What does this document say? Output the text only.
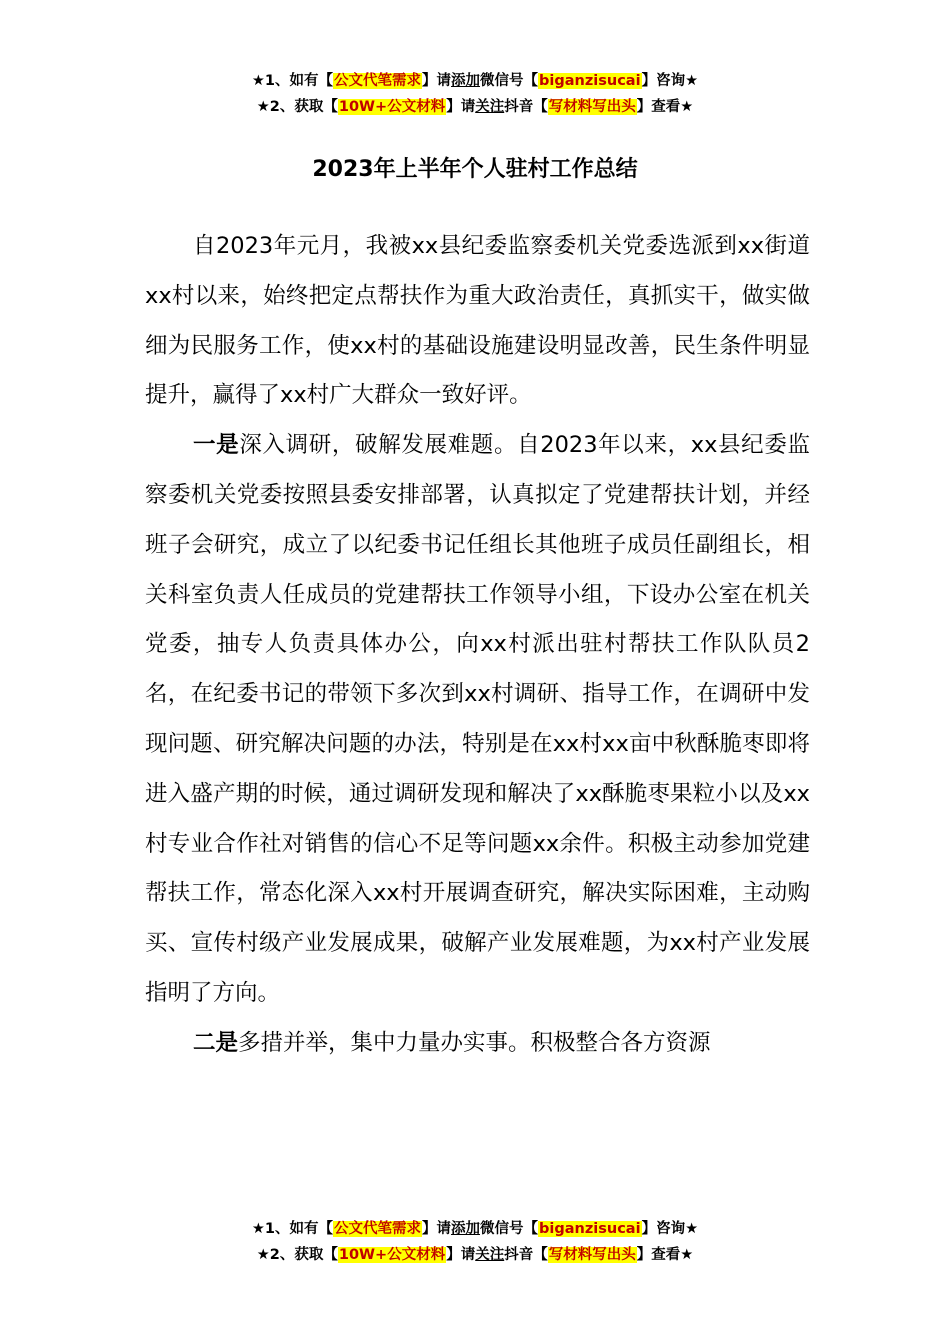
★1、如有【公文代笔需求】请添加微信号【biganzisucai】咨询★
★2、获取【10W+公文材料】请关注抖音【写材料写出头】查看★
2023年上半年个人驻村工作总结

自2023年元月，我被xx县纪委监察委机关党委选派到xx街道xx村以来，始终把定点帮扶作为重大政治责任，真抓实干，做实做细为民服务工作，使xx村的基础设施建设明显改善，民生条件明显提升，赢得了xx村广大群众一致好评。

一是深入调研，破解发展难题。自2023年以来，xx县纪委监察委机关党委按照县委安排部署，认真拟定了党建帮扶计划，并经班子会研究，成立了以纪委书记任组长其他班子成员任副组长，相关科室负责人任成员的党建帮扶工作领导小组，下设办公室在机关党委，抽专人负责具体办公，向xx村派出驻村帮扶工作队队员2名，在纪委书记的带领下多次到xx村调研、指导工作，在调研中发现问题、研究解决问题的办法，特别是在xx村xx亩中秋酥脆枣即将进入盛产期的时候，通过调研发现和解决了xx酥脆枣果粒小以及xx村专业合作社对销售的信心不足等问题xx余件。积极主动参加党建帮扶工作，常态化深入xx村开展调查研究，解决实际困难，主动购买、宣传村级产业发展成果，破解产业发展难题，为xx村产业发展指明了方向。

二是多措并举，集中力量办实事。积极整合各方资源

★1、如有【公文代笔需求】请添加微信号【biganzisucai】咨询★
★2、获取【10W+公文材料】请关注抖音【写材料写出头】查看★
